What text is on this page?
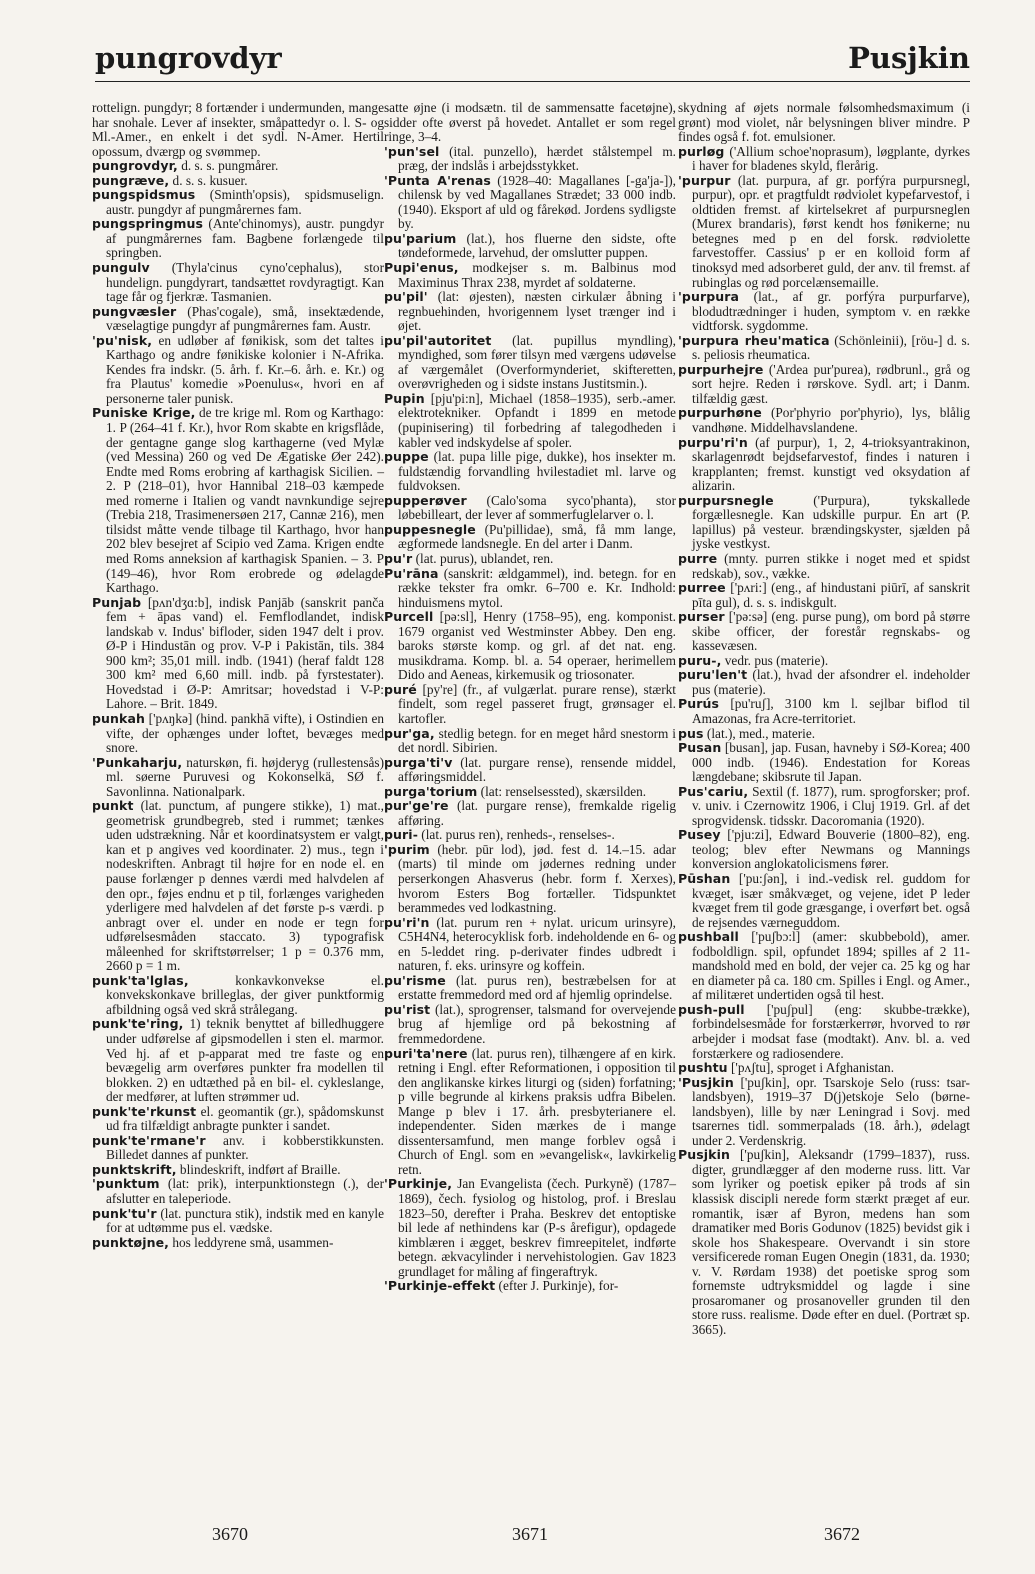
pungrovdyr	Pusjkin

rottelign. pungdyr; 8 fortænder i undermunden, mange har snohale. Lever af insekter, småpattedyr o. l. S- og Ml.-Amer., en enkelt i det sydl. N-Amer. Hertil opossum, dværgp og svømmep.

pungrovdyr, d. s. s. pungmårer.

pungræve, d. s. s. kusuer.

pungspidsmus (Sminth'opsis), spidsmuselign. austr. pungdyr af pungmårernes fam.

pungspringmus (Ante'chinomys), austr. pungdyr af pungmårernes fam. Bagbene forlængede til springben.

pungulv (Thyla'cinus cyno'cephalus), stor hundelign. pungdyrart, tandsættet rovdyragtigt. Kan tage får og fjerkræ. Tasmanien.

pungvæsler (Phas'cogale), små, insektædende, væselagtige pungdyr af pungmårernes fam. Austr.

'pu'nisk, en udløber af fønikisk, som det taltes i Karthago og andre fønikiske kolonier i N-Afrika. Kendes fra indskr. (5. årh. f. Kr.–6. årh. e. Kr.) og fra Plautus' komedie »Poenulus«, hvori en af personerne taler punisk.

Puniske Krige, de tre krige ml. Rom og Karthago: 1. P (264–41 f. Kr.), hvor Rom skabte en krigsflåde, der gentagne gange slog karthagerne (ved Mylæ (ved Messina) 260 og ved De Ægatiske Øer 242). Endte med Roms erobring af karthagisk Sicilien. – 2. P (218–01), hvor Hannibal 218–03 kæmpede med romerne i Italien og vandt navnkundige sejre (Trebia 218, Trasimenersøen 217, Cannæ 216), men tilsidst måtte vende tilbage til Karthago, hvor han 202 blev besejret af Scipio ved Zama. Krigen endte med Roms anneksion af karthagisk Spanien. – 3. P (149–46), hvor Rom erobrede og ødelagde Karthago.

Punjab [pʌn'dʒɑ:b], indisk Panjāb (sanskrit panča fem + āpas vand) el. Femflodlandet, indisk landskab v. Indus' bifloder, siden 1947 delt i prov. Ø-P i Hindustān og prov. V-P i Pakistān, tils. 384 900 km²; 35,01 mill. indb. (1941) (heraf faldt 128 300 km² med 6,60 mill. indb. på fyrstestater). Hovedstad i Ø-P: Amritsar; hovedstad i V-P: Lahore. – Brit. 1849.

punkah ['pʌŋkə] (hind. pankhā vifte), i Ostindien en vifte, der ophænges under loftet, bevæges med snore.

'Punkaharju, naturskøn, fi. højderyg (rullestensås) ml. søerne Puruvesi og Kokonselkä, SØ f. Savonlinna. Nationalpark.

punkt (lat. punctum, af pungere stikke), 1) mat., geometrisk grundbegreb, sted i rummet; tænkes uden udstrækning. Når et koordinatsystem er valgt, kan et p angives ved koordinater. 2) mus., tegn i nodeskriften. Anbragt til højre for en node el. en pause forlænger p dennes værdi med halvdelen af den opr., føjes endnu et p til, forlænges varigheden yderligere med halvdelen af det første p-s værdi. p anbragt over el. under en node er tegn for udførelsesmåden staccato. 3) typografisk måleenhed for skriftstørrelser; 1 p = 0.376 mm, 2660 p = 1 m.

punk'ta'lglas, konkavkonvekse el. konvekskonkave brilleglas, der giver punktformig afbildning også ved skrå strålegang.

punk'te'ring, 1) teknik benyttet af billedhuggere under udførelse af gipsmodellen i sten el. marmor. Ved hj. af et p-apparat med tre faste og en bevægelig arm overføres punkter fra modellen til blokken. 2) en udtæthed på en bil- el. cykleslange, der medfører, at luften strømmer ud.

punk'te'rkunst el. geomantik (gr.), spådomskunst ud fra tilfældigt anbragte punkter i sandet.

punk'te'rmane'r anv. i kobberstikkunsten. Billedet dannes af punkter.

punktskrift, blindeskrift, indført af Braille.

'punktum (lat: prik), interpunktionstegn (.), der afslutter en taleperiode.

punk'tu'r (lat. punctura stik), indstik med en kanyle for at udtømme pus el. vædske.

punktøjne, hos leddyrene små, usammen-

satte øjne (i modsætn. til de sammensatte facetøjne), sidder ofte øverst på hovedet. Antallet er som regel ringe, 3–4.

'pun'sel (ital. punzello), hærdet stålstempel m. præg, der indslås i arbejdsstykket.

'Punta A'renas (1928–40: Magallanes [-ga'ja-]), chilensk by ved Magallanes Strædet; 33 000 indb. (1940). Eksport af uld og fårekød. Jordens sydligste by.

pu'parium (lat.), hos fluerne den sidste, ofte tøndeformede, larvehud, der omslutter puppen.

Pupi'enus, modkejser s. m. Balbinus mod Maximinus Thrax 238, myrdet af soldaterne.

pu'pil' (lat: øjesten), næsten cirkulær åbning i regnbuehinden, hvorigennem lyset trænger ind i øjet.

pu'pil'autoritet (lat. pupillus myndling), myndighed, som fører tilsyn med værgens udøvelse af værgemålet (Overformynderiet, skifteretten, overøvrigheden og i sidste instans Justitsmin.).

Pupin [pju'pi:n], Michael (1858–1935), serb.-amer. elektrotekniker. Opfandt i 1899 en metode (pupinisering) til forbedring af talegodheden i kabler ved indskydelse af spoler.

puppe (lat. pupa lille pige, dukke), hos insekter m. fuldstændig forvandling hvilestadiet ml. larve og fuldvoksen.

pupperøver (Calo'soma syco'phanta), stor løbebilleart, der lever af sommerfuglelarver o. l.

puppesnegle (Pu'pillidae), små, få mm lange, ægformede landsnegle. En del arter i Danm.

pu'r (lat. purus), ublandet, ren.

Pu'rāna (sanskrit: ældgammel), ind. betegn. for en række tekster fra omkr. 6–700 e. Kr. Indhold: hinduismens mytol.

Purcell [pə:sl], Henry (1758–95), eng. komponist. 1679 organist ved Westminster Abbey. Den eng. baroks største komp. og grl. af det nat. eng. musikdrama. Komp. bl. a. 54 operaer, herimellem Dido and Aeneas, kirkemusik og triosonater.

puré [py're] (fr., af vulgærlat. purare rense), stærkt findelt, som regel passeret frugt, grønsager el. kartofler.

pur'ga, stedlig betegn. for en meget hård snestorm i det nordl. Sibirien.

purga'ti'v (lat. purgare rense), rensende middel, afføringsmiddel.

purga'torium (lat: renselsessted), skærsilden.

pur'ge're (lat. purgare rense), fremkalde rigelig afføring.

puri- (lat. purus ren), renheds-, renselses-.

'purim (hebr. pūr lod), jød. fest d. 14.–15. adar (marts) til minde om jødernes redning under perserkongen Ahasverus (hebr. form f. Xerxes), hvorom Esters Bog fortæller. Tidspunktet berammedes ved lodkastning.

pu'ri'n (lat. purum ren + nylat. uricum urinsyre), C5H4N4, heterocyklisk forb. indeholdende en 6- og en 5-leddet ring. p-derivater findes udbredt i naturen, f. eks. urinsyre og koffein.

pu'risme (lat. purus ren), bestræbelsen for at erstatte fremmedord med ord af hjemlig oprindelse.

pu'rist (lat.), sprogrenser, talsmand for overvejende brug af hjemlige ord på bekostning af fremmedordene.

puri'ta'nere (lat. purus ren), tilhængere af en kirk. retning i Engl. efter Reformationen, i opposition til den anglikanske kirkes liturgi og (siden) forfatning; p ville begrunde al kirkens praksis udfra Bibelen. Mange p blev i 17. årh. presbyterianere el. independenter. Siden mærkes de i mange dissentersamfund, men mange forblev også i Church of Engl. som en »evangelisk«, lavkirkelig retn.

'Purkinje, Jan Evangelista (čech. Purkyně) (1787–1869), čech. fysiolog og histolog, prof. i Breslau 1823–50, derefter i Praha. Beskrev det entoptiske bil lede af nethindens kar (P-s årefigur), opdagede kimblæren i ægget, beskrev fimreepitelet, indførte betegn. ækvacylinder i nervehistologien. Gav 1823 grundlaget for måling af fingeraftryk.

'Purkinje-effekt (efter J. Purkinje), for-

skydning af øjets normale følsomhedsmaximum (i grønt) mod violet, når belysningen bliver mindre. P findes også f. fot. emulsioner.

purløg ('Allium schoe'noprasum), løgplante, dyrkes i haver for bladenes skyld, flerårig.

'purpur (lat. purpura, af gr. porfýra purpursnegl, purpur), opr. et pragtfuldt rødviolet kypefarvestof, i oldtiden fremst. af kirtelsekret af purpursneglen (Murex brandaris), først kendt hos fønikerne; nu betegnes med p en del forsk. rødviolette farvestoffer. Cassius' p er en kolloid form af tinoksyd med adsorberet guld, der anv. til fremst. af rubinglas og rød porcelænsemaille.

'purpura (lat., af gr. porfýra purpurfarve), blodudtrædninger i huden, symptom v. en række vidtforsk. sygdomme.

'purpura rheu'matica (Schönleinii), [röu-] d. s. s. peliosis rheumatica.

purpurhejre ('Ardea pur'purea), rødbrunl., grå og sort hejre. Reden i rørskove. Sydl. art; i Danm. tilfældig gæst.

purpurhøne (Por'phyrio por'phyrio), lys, blålig vandhøne. Middelhavslandene.

purpu'ri'n (af purpur), 1, 2, 4-trioksyantrakinon, skarlagenrødt bejdsefarvestof, findes i naturen i krapplanten; fremst. kunstigt ved oksydation af alizarin.

purpursnegle ('Purpura), tykskallede forgællesnegle. Kan udskille purpur. En art (P. lapillus) på vesteur. brændingskyster, sjælden på jyske vestkyst.

purre (mnty. purren stikke i noget med et spidst redskab), sov., vække.

purree ['pʌri:] (eng., af hindustani piūrī, af sanskrit pīta gul), d. s. s. indiskgult.

purser ['pə:sə] (eng. purse pung), om bord på større skibe officer, der forestår regnskabs- og kassevæsen.

puru-, vedr. pus (materie).

puru'len't (lat.), hvad der afsondrer el. indeholder pus (materie).

Purús [pu'ruʃ], 3100 km l. sejlbar biflod til Amazonas, fra Acre-territoriet.

pus (lat.), med., materie.

Pusan [busan], jap. Fusan, havneby i SØ-Korea; 400 000 indb. (1946). Endestation for Koreas længdebane; skibsrute til Japan.

Pus'cariu, Sextil (f. 1877), rum. sprogforsker; prof. v. univ. i Czernowitz 1906, i Cluj 1919. Grl. af det sprogvidensk. tidsskr. Dacoromania (1920).

Pusey ['pju:zi], Edward Bouverie (1800–82), eng. teolog; blev efter Newmans og Mannings konversion anglokatolicismens fører.

Pūshan ['pu:ʃən], i ind.-vedisk rel. guddom for kvæget, især småkvæget, og vejene, idet P leder kvæget frem til gode græsgange, i overført bet. også de rejsendes værneguddom.

pushball ['puʃbɔ:l] (amer: skubbebold), amer. fodboldlign. spil, opfundet 1894; spilles af 2 11-mandshold med en bold, der vejer ca. 25 kg og har en diameter på ca. 180 cm. Spilles i Engl. og Amer., af militæret undertiden også til hest.

push-pull ['puʃpul] (eng: skubbe-trække), forbindelsesmåde for forstærkerrør, hvorved to rør arbejder i modsat fase (modtakt). Anv. bl. a. ved forstærkere og radiosendere.

pushtu ['pʌʃtu], sproget i Afghanistan.

'Pusjkin ['puʃkin], opr. Tsarskoje Selo (russ: tsar-landsbyen), 1919–37 D(j)etskoje Selo (børne-landsbyen), lille by nær Leningrad i Sovj. med tsarernes tidl. sommerpalads (18. årh.), ødelagt under 2. Verdenskrig.

Pusjkin ['puʃkin], Aleksandr (1799–1837), russ. digter, grundlægger af den moderne russ. litt. Var som lyriker og poetisk epiker på trods af sin klassisk discipli nerede form stærkt præget af eur. romantik, især af Byron, medens han som dramatiker med Boris Godunov (1825) bevidst gik i skole hos Shakespeare. Overvandt i sin store versificerede roman Eugen Onegin (1831, da. 1930; v. V. Rørdam 1938) det poetiske sprog som fornemste udtryksmiddel og lagde i sine prosaromaner og prosanoveller grunden til den store russ. realisme. Døde efter en duel. (Portræt sp. 3665).

3670	3671	3672
